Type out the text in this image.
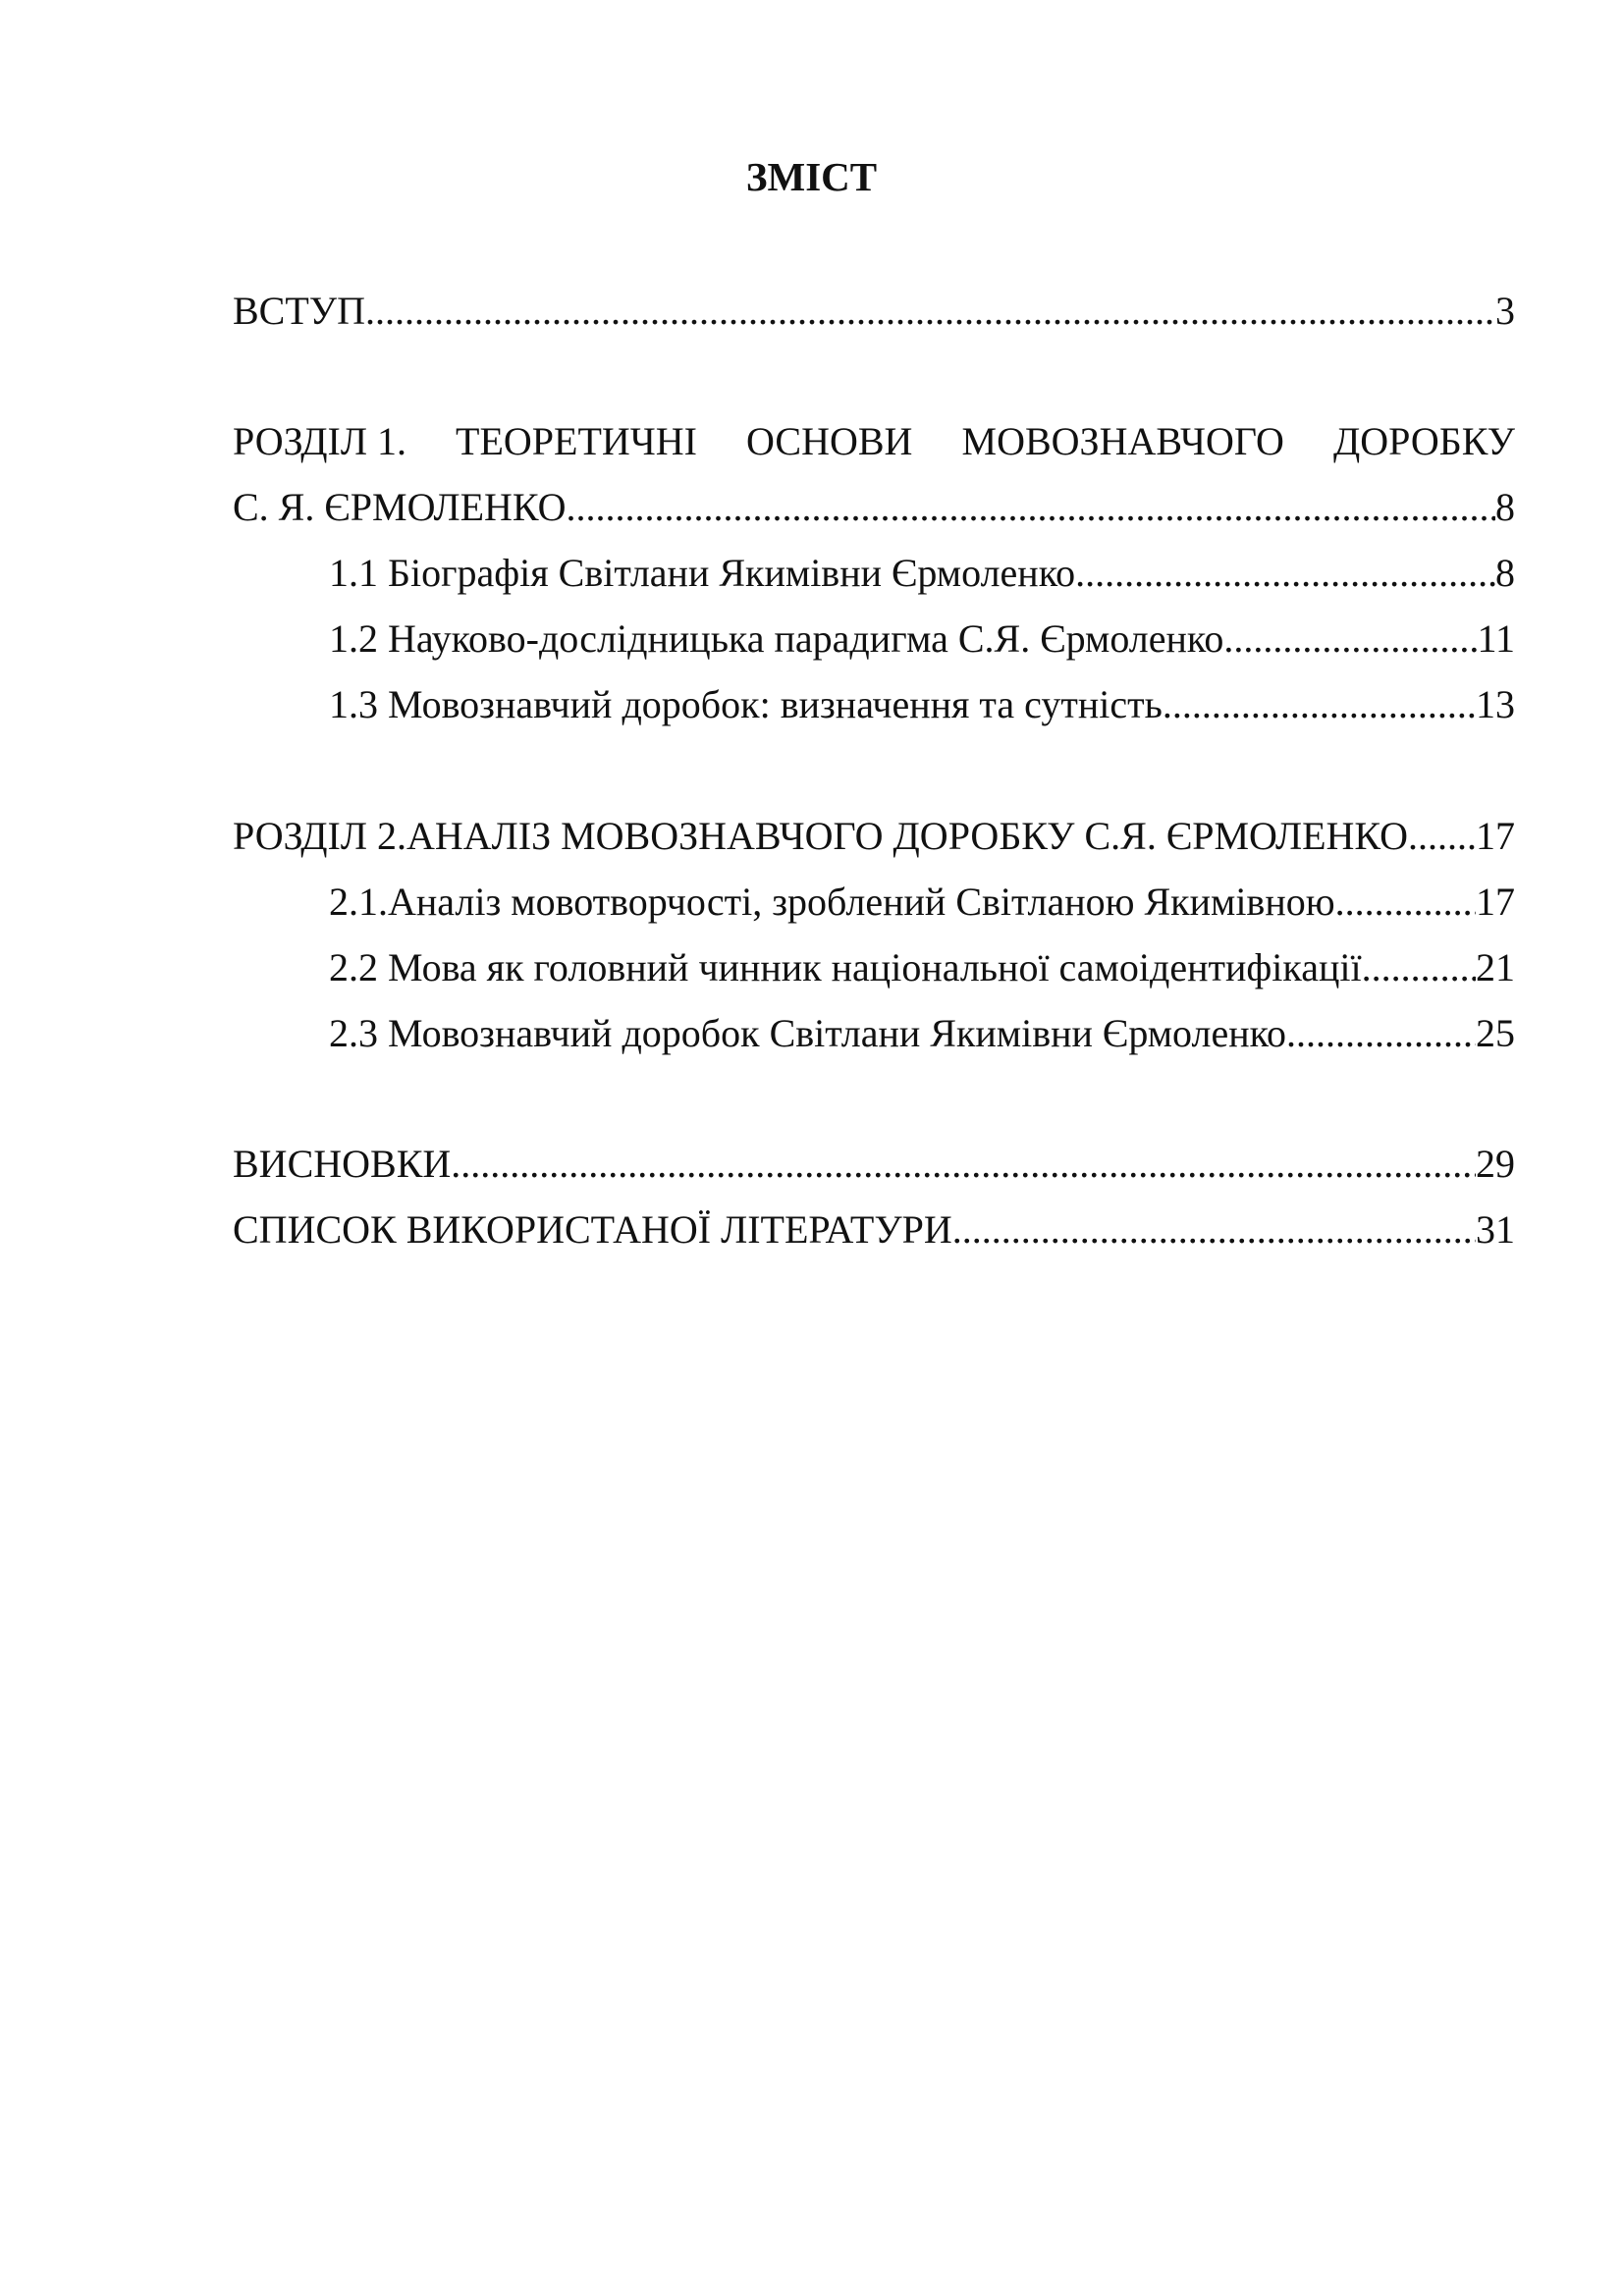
ЗМІСТ
ВСТУП .....	3
РОЗДІЛ 1. ТЕОРЕТИЧНІ ОСНОВИ МОВОЗНАВЧОГО ДОРОБКУ
С. Я. ЄРМОЛЕНКО .....	8
1.1 Біографія Світлани Якимівни Єрмоленко .....	8
1.2 Науково-дослідницька парадигма С.Я. Єрмоленко .....	11
1.3 Мовознавчий доробок: визначення та сутність .....	13
РОЗДІЛ 2.АНАЛІЗ МОВОЗНАВЧОГО ДОРОБКУ С.Я. ЄРМОЛЕНКО ..... 17
2.1.Аналіз мовотворчості, зроблений Світланою Якимівною .....	17
2.2 Мова як головний чинник національної самоідентифікації .....	21
2.3 Мовознавчий доробок Світлани Якимівни Єрмоленко .....	25
ВИСНОВКИ .....	29
СПИСОК ВИКОРИСТАНОЇ ЛІТЕРАТУРИ .....	31
